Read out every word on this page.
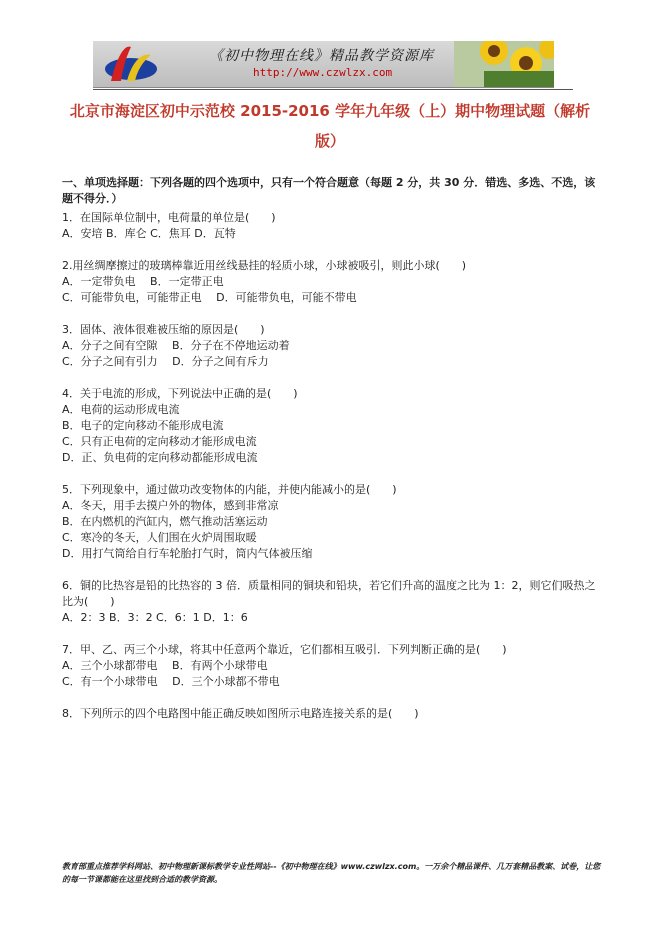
《初中物理在线》精品教学资源库
http://www.czwlzx.com
北京市海淀区初中示范校 2015-2016 学年九年级（上）期中物理试题（解析版）
一、单项选择题：下列各题的四个选项中，只有一个符合题意（每题 2 分，共 30 分．错选、多选、不选，该题不得分．）
1．在国际单位制中，电荷量的单位是(　　)
A．安培 B．库仑 C．焦耳 D．瓦特
2.用丝绸摩擦过的玻璃棒靠近用丝线悬挂的轻质小球，小球被吸引，则此小球(　　)
A．一定带负电　 B．一定带正电
C．可能带负电，可能带正电　 D．可能带负电，可能不带电
3．固体、液体很难被压缩的原因是(　　)
A．分子之间有空隙　 B．分子在不停地运动着
C．分子之间有引力　 D．分子之间有斥力
4．关于电流的形成，下列说法中正确的是(　　)
A．电荷的运动形成电流
B．电子的定向移动不能形成电流
C．只有正电荷的定向移动才能形成电流
D．正、负电荷的定向移动都能形成电流
5．下列现象中，通过做功改变物体的内能，并使内能减小的是(　　)
A．冬天，用手去摸户外的物体，感到非常凉
B．在内燃机的汽缸内，燃气推动活塞运动
C．寒冷的冬天，人们围在火炉周围取暖
D．用打气筒给自行车轮胎打气时，筒内气体被压缩
6．铜的比热容是铅的比热容的 3 倍．质量相同的铜块和铅块，若它们升高的温度之比为 1：2，则它们吸热之比为(　　)
A．2：3 B．3：2 C．6：1 D．1：6
7．甲、乙、丙三个小球，将其中任意两个靠近，它们都相互吸引．下列判断正确的是(　　)
A．三个小球都带电　 B．有两个小球带电
C．有一个小球带电　 D．三个小球都不带电
8．下列所示的四个电路图中能正确反映如图所示电路连接关系的是(　　)
教育部重点推荐学科网站、初中物理新课标教学专业性网站--《初中物理在线》www.czwlzx.com。一万余个精品课件、几万套精品教案、试卷，让您的每一节课都能在这里找到合适的教学资源。
